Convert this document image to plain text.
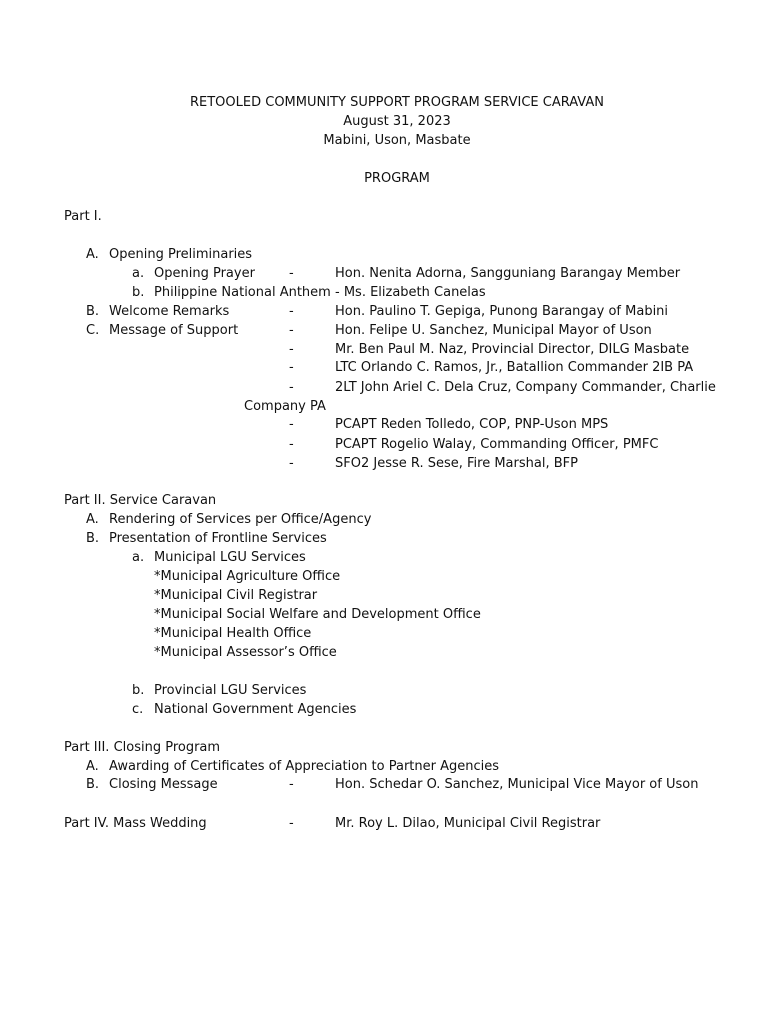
RETOOLED COMMUNITY SUPPORT PROGRAM SERVICE CARAVAN
August 31, 2023
Mabini, Uson, Masbate
PROGRAM
Part I.
A. Opening Preliminaries
a. Opening Prayer	-	Hon. Nenita Adorna, Sangguniang Barangay Member
b. Philippine National Anthem - Ms. Elizabeth Canelas
B. Welcome Remarks	-	Hon. Paulino T. Gepiga, Punong Barangay of Mabini
C. Message of Support	-	Hon. Felipe U. Sanchez, Municipal Mayor of Uson
-	Mr. Ben Paul M. Naz, Provincial Director, DILG Masbate
-	LTC Orlando C. Ramos, Jr., Batallion Commander 2IB PA
-	2LT John Ariel C. Dela Cruz, Company Commander, Charlie
Company PA
-	PCAPT Reden Tolledo, COP, PNP-Uson MPS
-	PCAPT Rogelio Walay, Commanding Officer, PMFC
-	SFO2 Jesse R. Sese, Fire Marshal, BFP
Part II. Service Caravan
A. Rendering of Services per Office/Agency
B. Presentation of Frontline Services
a. Municipal LGU Services
*Municipal Agriculture Office
*Municipal Civil Registrar
*Municipal Social Welfare and Development Office
*Municipal Health Office
*Municipal Assessor’s Office
b. Provincial LGU Services
c. National Government Agencies
Part III. Closing Program
A. Awarding of Certificates of Appreciation to Partner Agencies
B. Closing Message	-	Hon. Schedar O. Sanchez, Municipal Vice Mayor of Uson
Part IV. Mass Wedding	-	Mr. Roy L. Dilao, Municipal Civil Registrar
